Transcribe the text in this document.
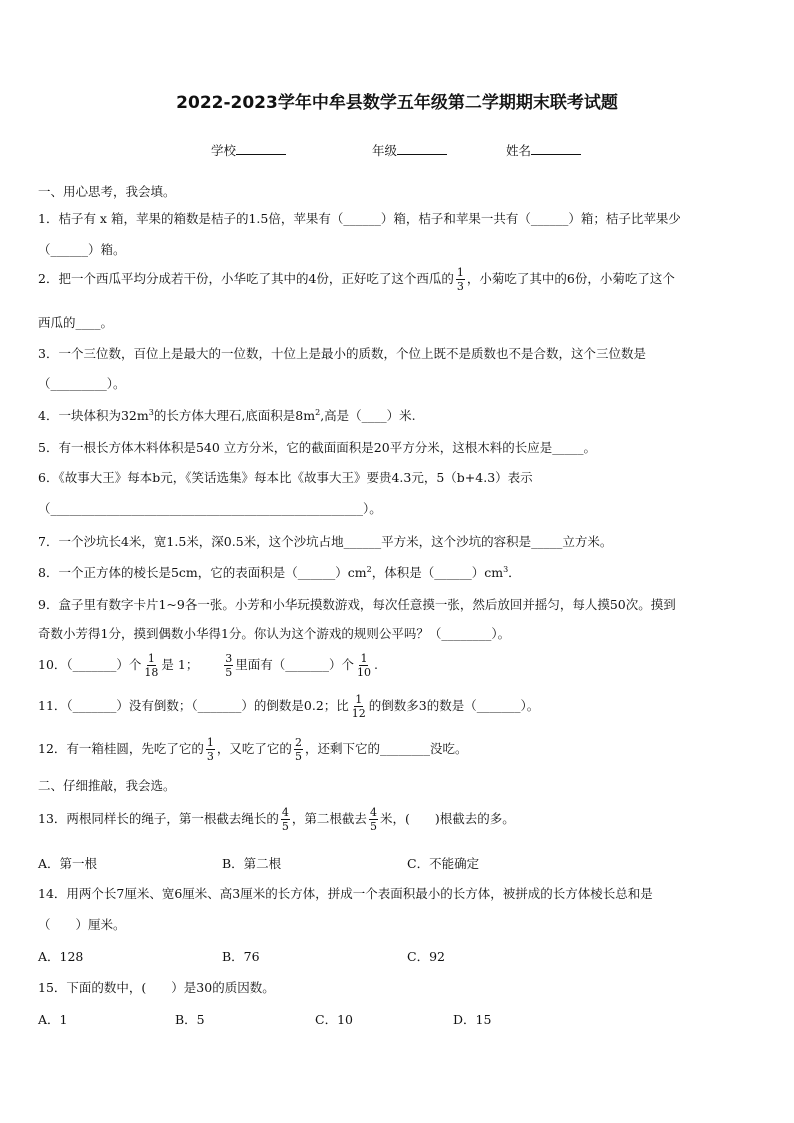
2022-2023学年中牟县数学五年级第二学期期末联考试题
学校	年级	姓名
一、用心思考，我会填。
1．桔子有 x 箱，苹果的箱数是桔子的1.5倍，苹果有（______）箱，桔子和苹果一共有（______）箱；桔子比苹果少
（______）箱。
2．把一个西瓜平均分成若干份，小华吃了其中的4份，正好吃了这个西瓜的 $\frac{1}{3}$ ，小菊吃了其中的6份，小菊吃了这个
西瓜的____。
3．一个三位数，百位上是最大的一位数，十位上是最小的质数，个位上既不是质数也不是合数，这个三位数是
（_________）。
4．一块体积为$32m^3$的长方体大理石,底面积是$8m^2$,高是（____）米.
5．有一根长方体木料体积是540 立方分米，它的截面面积是20平方分米，这根木料的长应是_____。
6．《故事大王》每本b元，《笑话选集》每本比《故事大王》要贵4.3元，5（b+4.3）表示
（__________________________________________________）。
7．一个沙坑长4米，宽1.5米，深0.5米，这个沙坑占地______平方米，这个沙坑的容积是_____立方米。
8．一个正方体的棱长是5cm，它的表面积是$(\_\_\_\_\_\_)cm^2$，体积是$(\_\_\_\_\_\_)cm^3$．
9．盒子里有数字卡片1~9各一张。小芳和小华玩摸数游戏，每次任意摸一张，然后放回并摇匀，每人摸50次。摸到
奇数小芳得1分，摸到偶数小华得1分。你认为这个游戏的规则公平吗？（________）。
10．（_______）个 $\frac{1}{18}$ 是 1； $\frac{3}{5}$ 里面有（_______）个 $\frac{1}{10}$ .
11．（_______）没有倒数；（_______）的倒数是0.2；比 $\frac{1}{12}$ 的倒数多3的数是（_______）。
12．有一箱桂圆，先吃了它的 $\frac{1}{3}$ ，又吃了它的 $\frac{2}{5}$ ，还剩下它的________没吃。
二、仔细推敲，我会选。
13．两根同样长的绳子，第一根截去绳长的 $\frac{4}{5}$ ，第二根截去 $\frac{4}{5}$ 米，(　　)根截去的多。
A．第一根	B．第二根	C．不能确定
14．用两个长7厘米、宽6厘米、高3厘米的长方体，拼成一个表面积最小的长方体，被拼成的长方体棱长总和是
（　　）厘米。
A．128	B．76	C．92
15．下面的数中，(　　）是30的质因数。
A．1	B．5	C．10	D．15
